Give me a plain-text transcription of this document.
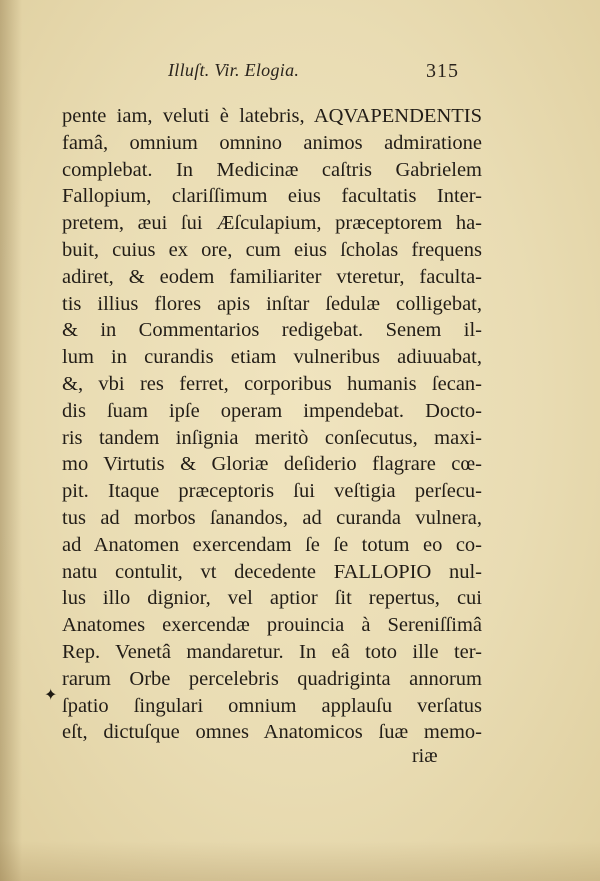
Illuſt. Vir. Elogia.	315
✦
pente iam, veluti è latebris, AQVAPENDENTIS
famâ, omnium omnino animos admiratione
complebat. In Medicinæ caſtris Gabrielem
Fallopium, clariſſimum eius facultatis Inter-
pretem, æui ſui Æſculapium, præceptorem ha-
buit, cuius ex ore, cum eius ſcholas frequens
adiret, & eodem familiariter vteretur, faculta-
tis illius flores apis inſtar ſedulæ colligebat,
& in Commentarios redigebat. Senem il-
lum in curandis etiam vulneribus adiuuabat,
&, vbi res ferret, corporibus humanis ſecan-
dis ſuam ipſe operam impendebat. Docto-
ris tandem inſignia meritò conſecutus, maxi-
mo Virtutis & Gloriæ deſiderio flagrare cœ-
pit. Itaque præceptoris ſui veſtigia perſecu-
tus ad morbos ſanandos, ad curanda vulnera,
ad Anatomen exercendam ſe ſe totum eo co-
natu contulit, vt decedente FALLOPIO nul-
lus illo dignior, vel aptior ſit repertus, cui
Anatomes exercendæ prouincia à Sereniſſimâ
Rep. Venetâ mandaretur. In eâ toto ille ter-
rarum Orbe percelebris quadriginta annorum
ſpatio ſingulari omnium applauſu verſatus
eſt, dictuſque omnes Anatomicos ſuæ memo-
riæ
